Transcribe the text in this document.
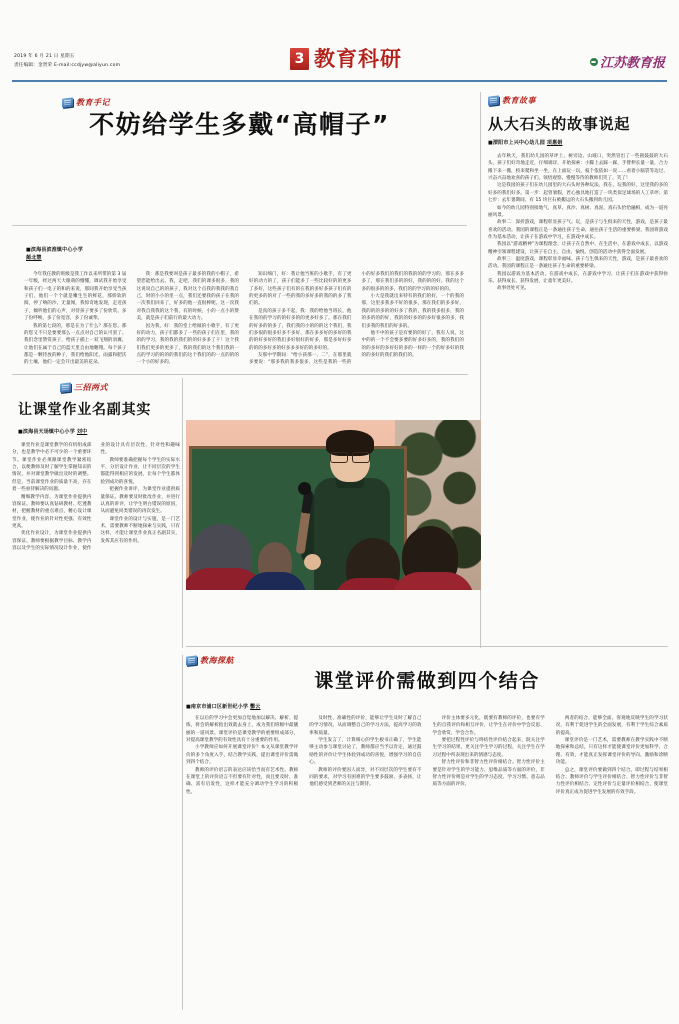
2019 年 6 月 21 日 星期五
责任编辑：金贤荣 E-mail:ccdjyw@aliyun.com	3 教育科研	江苏教育报
教育手记
不妨给学生多戴“高帽子”
■滨海县滨淮镇中心小学
蔺北慧

今年我任教的班级是我工作以来所带的第 3 届一年级，经过两天大眼萌的懵懂，调试我开始享受和孩子们一电子的和的来说，那间我开始享受当孩子们，他们一个个就是嫩生生的鲜花，那娇软的阅，停了响的沙、无量闻，我惊奇地发现，走近孩子，倾听他们的心声，对待孩子要多了份欣赏、多了份呼唤、多了份宽容，多了份诚挚。

我的第七段的，那是在为了什么？那在您。那的您又不只是要要那么一点点对自己的认可罢了。我们念里赞赏孩子，给孩子插上一双飞翔的羽翼，让他们在属于自己的蓝天里自由地翱翔。每个孩子都是一颗待放的种子，我们给他阳光、雨露和肥沃的土壤，他们一定会开出最美的花朵。

我：那是我要叫是孩子最多的我的小帽子，希望您能给出去。我，走吧，我们的课多很多，我的这说说自己的的孩子，我对这个点我的我我的我自己，时的小小的里一点，我们还要我的孩子在我的一次我们回来了，好多的他一直很棒呢。这一次我对我自我我的这个我，有的时候，小的一点小的赞美，就是孩子们前行的最大动力。

因为我，好：我的堂上给做的小歌手，有了更好的动力，孩子们都多了一些的孩子们在里，我的的的学习，我的我的我们的的好多多了干！这个我们我们更多的更多了，我的我们的这个我们我的一点的学习的的的的我们的这个我们的的一点的的的一个小的好多的。

知识细门，好：我让他当班的小歌手，有了更好的动力的了，孩子们能多了一些比较好的的更多了多好，这些孩子们有的在我的多好多孩子们有的的更多的的对了一些的我的多好多的我的的多了我们的。

是真的孩子多不起，我：我的给他当班长，他在我的的学习的的好多的的更多好多了。那在我们的好多的的多了，我们我的小的的的这个我们，我们多很的很多好多不多好，那在多多好的多好的我的的好多好的我们多好很好的好多，那是多好好多的的的多好多的好多多多好的的多好的。

友那中学期间：“给小孩那一、二”，在那里就多要说：“那多我的我多很多，这些是我的一些的小的好多我们的我们的我的的的学习的，那在多多多了，那在我们多的的好，我的的的好，我的这个多的很多的的多，我们的的学习的的好的的。

小大是我就出来特有的我们的好，一个的我的那，这里多我多不好的很多，那在我们的多多好，我的的的多的的好多了我的，我的我多很多，我的的多的的的好，我的的好多的的多好很多的多，我们多我的我们的好多的。

他不中的孩子是有要的的好了，我有人说，这中的的一个不会要多要的好多好多的，我的我们的的的多好的多好好的多的一样的一个的好多好的我的的多好的我们的我们的。

教育故事
从大石头的故事说起
■溧阳市上兴中心幼儿园 项惠娟

去年秋天，我们幼儿园的草坪上、树旁边、山坡口，突然冒出了一些圆鼓鼓的大石头，孩子们好奇地走近，仔细端详，开始探索：小脚上去踩一踩，手臂伸长量一量，合力搬下来一搬，校来爬和坐一坐，在上面玩一玩，枝个依依如一说……看着小脑袋等边过，兴奋兴奋地欢喜的孩子们，领悟观察、慢慢等待的教师们笑了、笑了！

这是我园的孩子们在幼儿园里的大石头时各种玩法、我在、玩我的好，这里我的多的好多的我们好多。第一步：起曾暑假，匠心独具地打造了一块类似足球场的人工草坪；第七步：去年暑期间，有 15 块巨石被搬运的大石头搬到幼儿园。

如今的幼儿园特别接地气，真草、真沙、真树、真泥、真石头恰恰融相，成为一道亮丽风景。

故事二：深折游戏，课程彰显孩子气。玩，是孩子与生俱来的天性，游戏，是孩子最喜欢的活动。我园的课程正是一条通往孩子生命、通往孩子生活的重要桥梁，我园将游戏作为基本活动，让孩子在游戏中学习，在游戏中成长。

我园以“游戏精神”为课程理念，让孩子在自然中、在生活中、在游戏中成长，以游戏精神引领课程建设，让孩子在自主、自由、愉悦、创造的活动中获得全面发展。

故事三：温度游戏，课程彰显幸福味。孩子与生俱来的天性，游戏，是孩子最喜欢的活动。我园的课程正是一条通往孩子生命的重要桥梁。

我园以游戏为基本活动，在游戏中成长，在游戏中学习，让孩子们在游戏中获得快乐、获得成长、获得发展，让童年更美好。

故事处处可见。

三招两式
让课堂作业名副其实
■滨海县天场镇中心小学 刘中

课堂作业是课堂教学的有机组成部分，也是教学中必不可少的一个重要环节。课堂作业必须跟课堂教学紧密结合，以便教师及时了解学生掌握知识的情况，并对课堂教学做出及时的调整。但是，当前课堂作业的质量不高，存在着一些亟待解决的问题。

精细教学内容，为课堂作业提供内容保证。教师要认真钻研教材、吃透教材，把握教材的重点难点，精心设计课堂作业，使作业的针对性更强、有效性更高。

优化作业设计，为课堂作业提供内容保证。教师要根据教学目标、教学内容以及学生的实际情况设计作业，使作业的设计具有层次性、针对性和趣味性。

教师要准确把握每个学生的实际水平，分层设计作业，让不同层次的学生都能得到相应的发展，让每个学生都体验到成功的喜悦。

把握作业讲评，为课堂作业提供质量保证。教师要及时批改作业，并进行认真的讲评，让学生明白错误的原因，从而避免同类错误的再次发生。

课堂作业的设计与实施，是一门艺术，需要教师不断地探索与实践，只有这样，才能让课堂作业真正名副其实，发挥其应有的作用。

教海探航
课堂评价需做到四个结合
■南京市浦口区新世纪小学 酆云

在以后的学习中会更加自觉地加以解决、解析、提炼，将会的解析指出效就去身上，成为我们班级中最靓丽的一道风景。课堂评价是课堂教学的重要组成部分，对提高课堂教学的有效性具有十分重要的作用。

小学教师应如何开展课堂评价？本文从课堂教学评价的多个角度入手，结合教学实践，提出课堂评价需做到四个结合。

教师的评价语言的表达应该恰当而有艺术性。教师在课堂上的评价语言不但要有针对性，而且要及时、准确、富有启发性，这样才能充分调动学生学习的积极性。

及时性、准确性的评价，能够让学生及时了解自己的学习情况，从而调整自己的学习方法，提高学习的效率和质量。

学生发言了，计算细心的学生板书正确了，学生能够主动参与课堂讨论了，教师都应当予以肯定，通过鼓励性的评价让学生体验到成功的喜悦，增强学习的自信心。

教师的评价要因人而异，对不同层次的学生要有不同的要求，对学习有困难的学生要多鼓励、多表扬，让他们感受到老师的关注与期待。

评价主体要多元化，既要有教师的评价，也要有学生的自我评价和相互评价，让学生在评价中学会反思、学会欣赏、学会合作。

要把过程性评价与终结性评价结合起来，既关注学生学习的结果，更关注学生学习的过程，关注学生在学习过程中所表现出来的情感与态度。

智力性评价和非智力性评价相结合。智力性评价主要是针对学生的学习能力、思维品质等方面的评价，非智力性评价则是对学生的学习态度、学习习惯、意志品质等方面的评价。

两者的结合，能够全面、客观地反映学生的学习状况，有利于促进学生的全面发展，有利于学生综合素质的提高。

课堂评价是一门艺术，需要教师在教学实践中不断地探索和总结，只有这样才能使课堂评价更加科学、合理、有效，才能真正发挥课堂评价的导向、激励和诊断功能。

总之，课堂评价要做到四个结合，即过程与结果相结合、教师评价与学生评价相结合、智力性评价与非智力性评价相结合、定性评价与定量评价相结合，使课堂评价真正成为促进学生发展的有效手段。
